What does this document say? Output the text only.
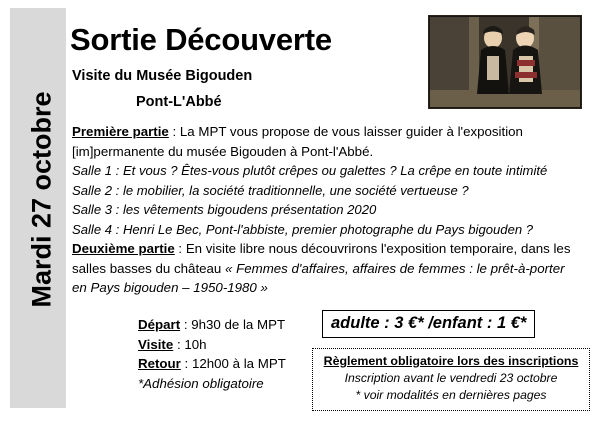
Mardi 27 octobre
Sortie Découverte
Visite du Musée Bigouden
Pont-L'Abbé

Première partie : La MPT vous propose de vous laisser guider à l'exposition [im]permanente du musée Bigouden à Pont-l'Abbé.

Salle 1 : Et vous ? Êtes-vous plutôt crêpes ou galettes ? La crêpe en toute intimité

Salle 2 : le mobilier, la société traditionnelle, une société vertueuse ?

Salle 3 : les vêtements bigoudens présentation 2020

Salle 4 : Henri Le Bec, Pont-l'abbiste, premier photographe du Pays bigouden ?

Deuxième partie : En visite libre nous découvrirons l'exposition temporaire, dans les salles basses du château « Femmes d'affaires, affaires de femmes : le prêt-à-porter en Pays bigouden – 1950-1980 »

Départ : 9h30 de la MPT
Visite : 10h
Retour : 12h00 à la MPT
*Adhésion obligatoire
adulte : 3 €* /enfant : 1 €*
Règlement obligatoire lors des inscriptions
Inscription avant le vendredi 23 octobre
* voir modalités en dernières pages
